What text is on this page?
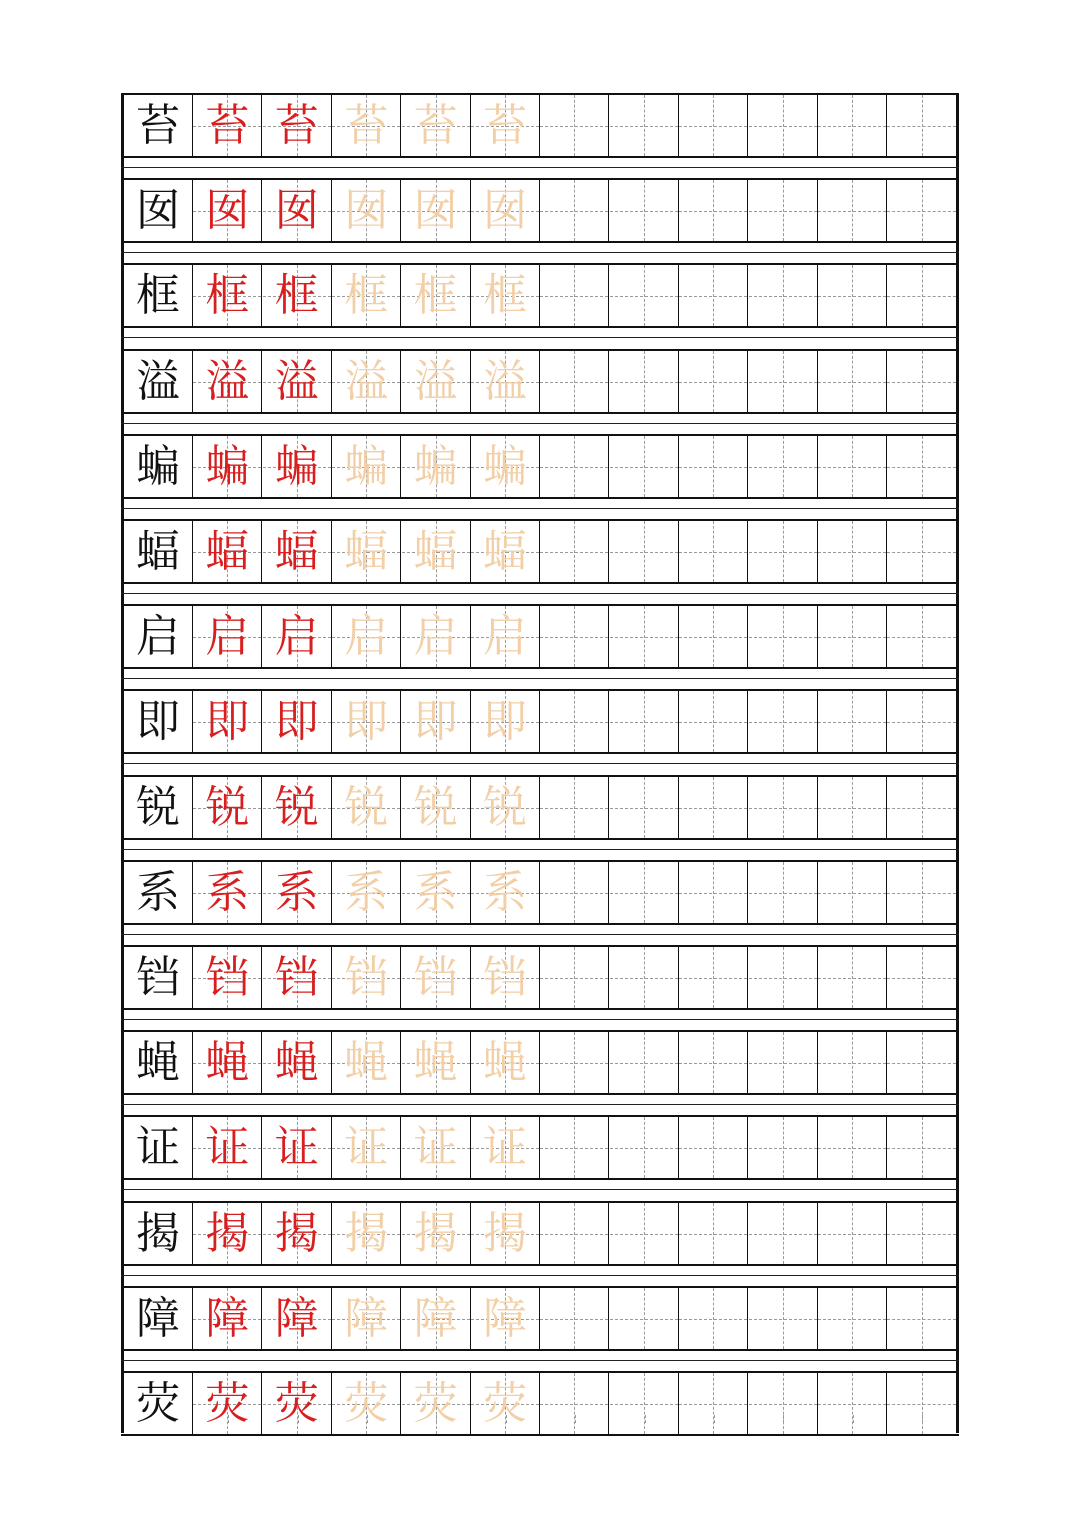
苔 苔 苔 苔 苔 苔
囡 囡 囡 囡 囡 囡
框 框 框 框 框 框
溢 溢 溢 溢 溢 溢
蝙 蝙 蝙 蝙 蝙 蝙
蝠 蝠 蝠 蝠 蝠 蝠
启 启 启 启 启 启
即 即 即 即 即 即
锐 锐 锐 锐 锐 锐
系 系 系 系 系 系
铛 铛 铛 铛 铛 铛
蝇 蝇 蝇 蝇 蝇 蝇
证 证 证 证 证 证
揭 揭 揭 揭 揭 揭
障 障 障 障 障 障
荧 荧 荧 荧 荧 荧
